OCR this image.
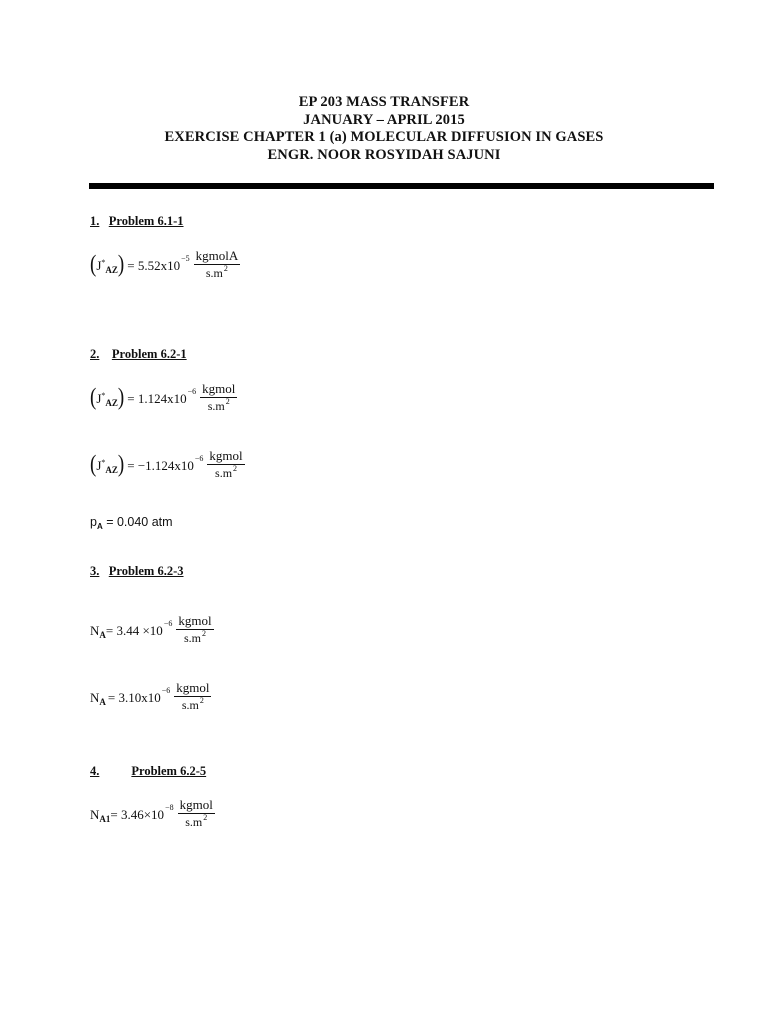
EP 203 MASS TRANSFER
JANUARY – APRIL 2015
EXERCISE CHAPTER 1 (a) MOLECULAR DIFFUSION IN GASES
ENGR. NOOR ROSYIDAH SAJUNI
1. Problem 6.1-1
( J *
AZ ) = $5.52x10 -5 \frac{\text{kgmolA}}{s.m^2}$
2. Problem 6.2-1
( J *
AZ ) = $1.124x10 -6 \frac{\text{kgmol}}{s.m^2}$
( J *
AZ ) = $-1.124x10 -6 \frac{\text{kgmol}}{s.m^2}$
$p_A = 0.040$ atm
3. Problem 6.2-3
N $A = 3.44 \times 10 -6 \frac{\text{kgmol}}{s.m^2}$
N $A = 3.10x10 -6 \frac{\text{kgmol}}{s.m^2}$
4.	Problem 6.2-5
N $A1 = 3.46\times 10 -8 \frac{\text{kgmol}}{s.m^2}$
